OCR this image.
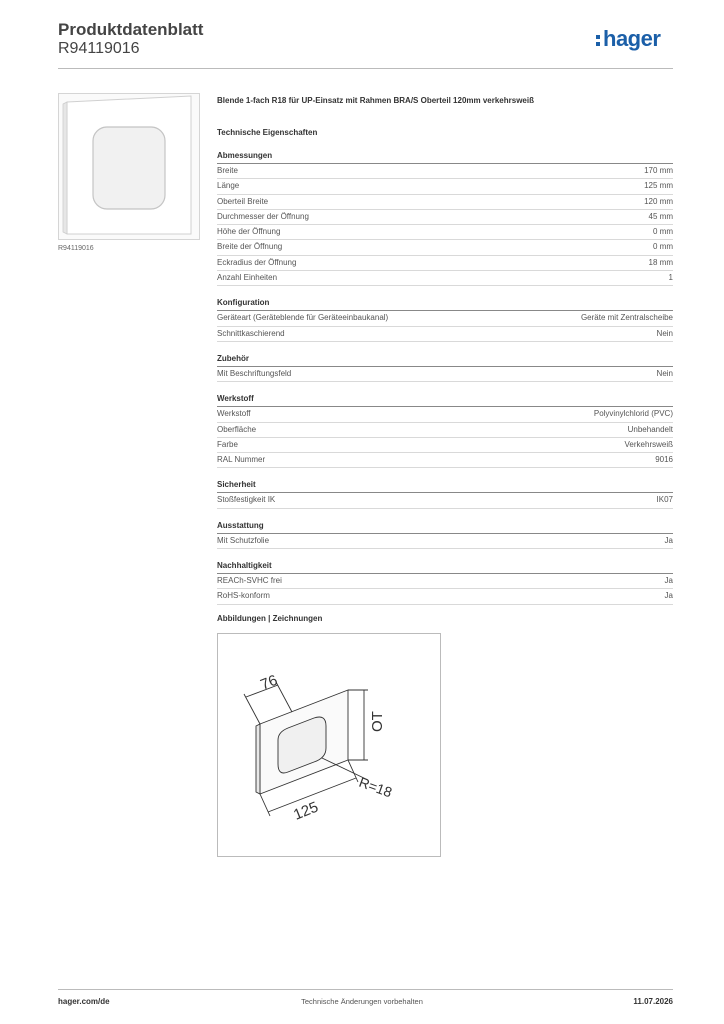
Produktdatenblatt
R94119016	hager
R94119016
Blende 1-fach R18 für UP-Einsatz mit Rahmen BRA/S Oberteil 120mm verkehrsweiß
Technische Eigenschaften
Abmessungen
Breite	170 mm
Länge	125 mm
Oberteil Breite	120 mm
Durchmesser der Öffnung	45 mm
Höhe der Öffnung	0 mm
Breite der Öffnung	0 mm
Eckradius der Öffnung	18 mm
Anzahl Einheiten	1
Konfiguration
Geräteart (Geräteblende für Geräteeinbaukanal)	Geräte mit Zentralscheibe
Schnittkaschierend	Nein
Zubehör
Mit Beschriftungsfeld	Nein
Werkstoff
Werkstoff	Polyvinylchlorid (PVC)
Oberfläche	Unbehandelt
Farbe	Verkehrsweiß
RAL Nummer	9016
Sicherheit
Stoßfestigkeit IK	IK07
Ausstattung
Mit Schutzfolie	Ja
Nachhaltigkeit
REACh-SVHC frei	Ja
RoHS-konform	Ja
Abbildungen | Zeichnungen
76
OT
R=18
125
hager.com/de	Technische Änderungen vorbehalten	11.07.2026
